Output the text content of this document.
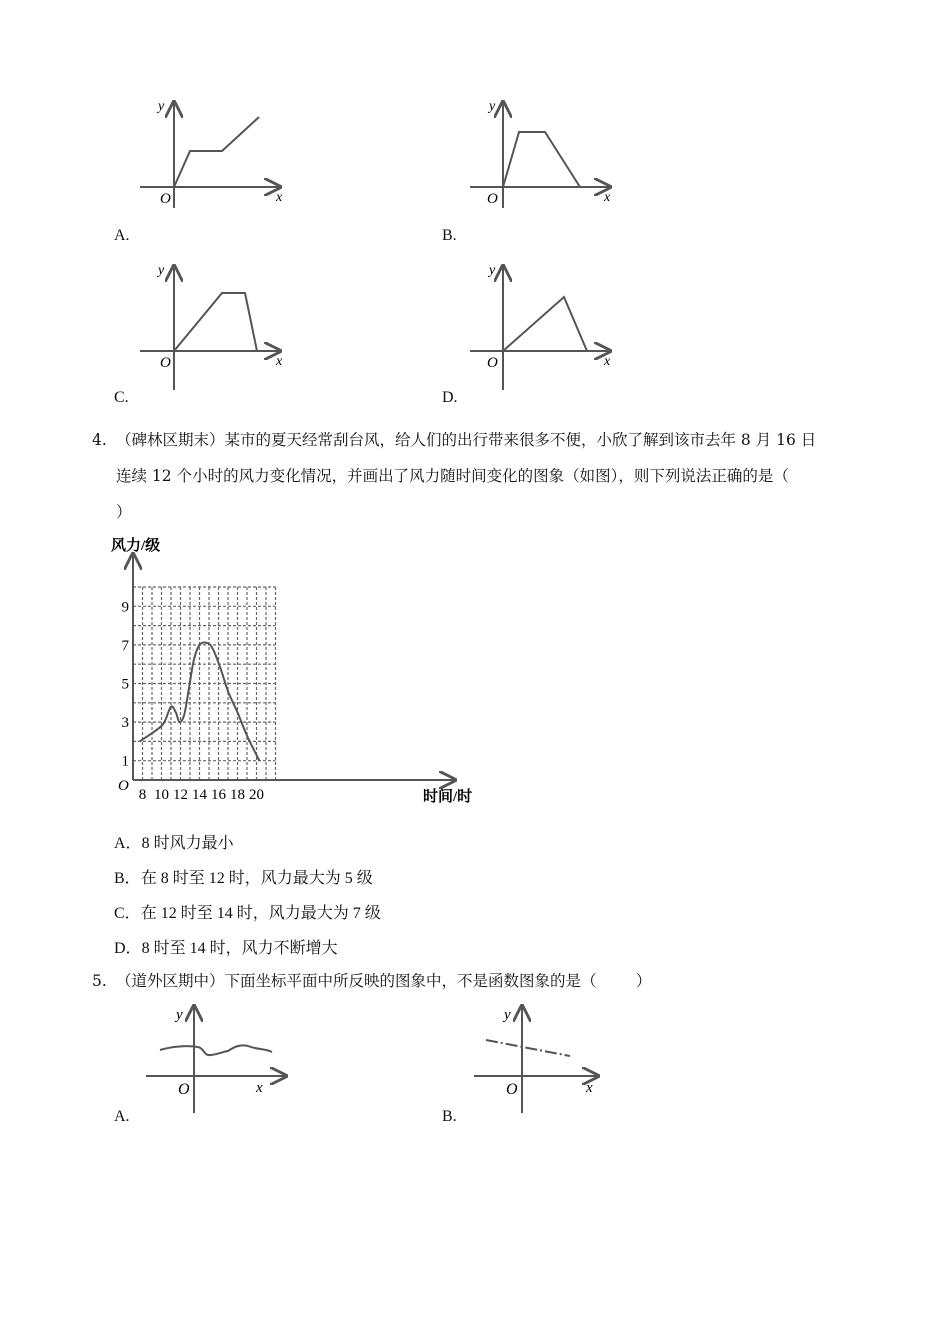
y
x
O
A.
y
x
O
B.
y
x
O
C.
y
x
O
D.
4. （碑林区期末）某市的夏天经常刮台风，给人们的出行带来很多不便，小欣了解到该市去年 8 月 16 日
连续 12 个小时的风力变化情况，并画出了风力随时间变化的图象（如图），则下列说法正确的是（
）
风力/级
时间/时
O
8 10 12 14 16 18 20
1
3
5
7
9
A．8 时风力最小
B．在 8 时至 12 时，风力最大为 5 级
C．在 12 时至 14 时，风力最大为 7 级
D．8 时至 14 时，风力不断增大
5. （道外区期中）下面坐标平面中所反映的图象中，不是函数图象的是（        ）
y
x
O
A.
y
x
O
B.
